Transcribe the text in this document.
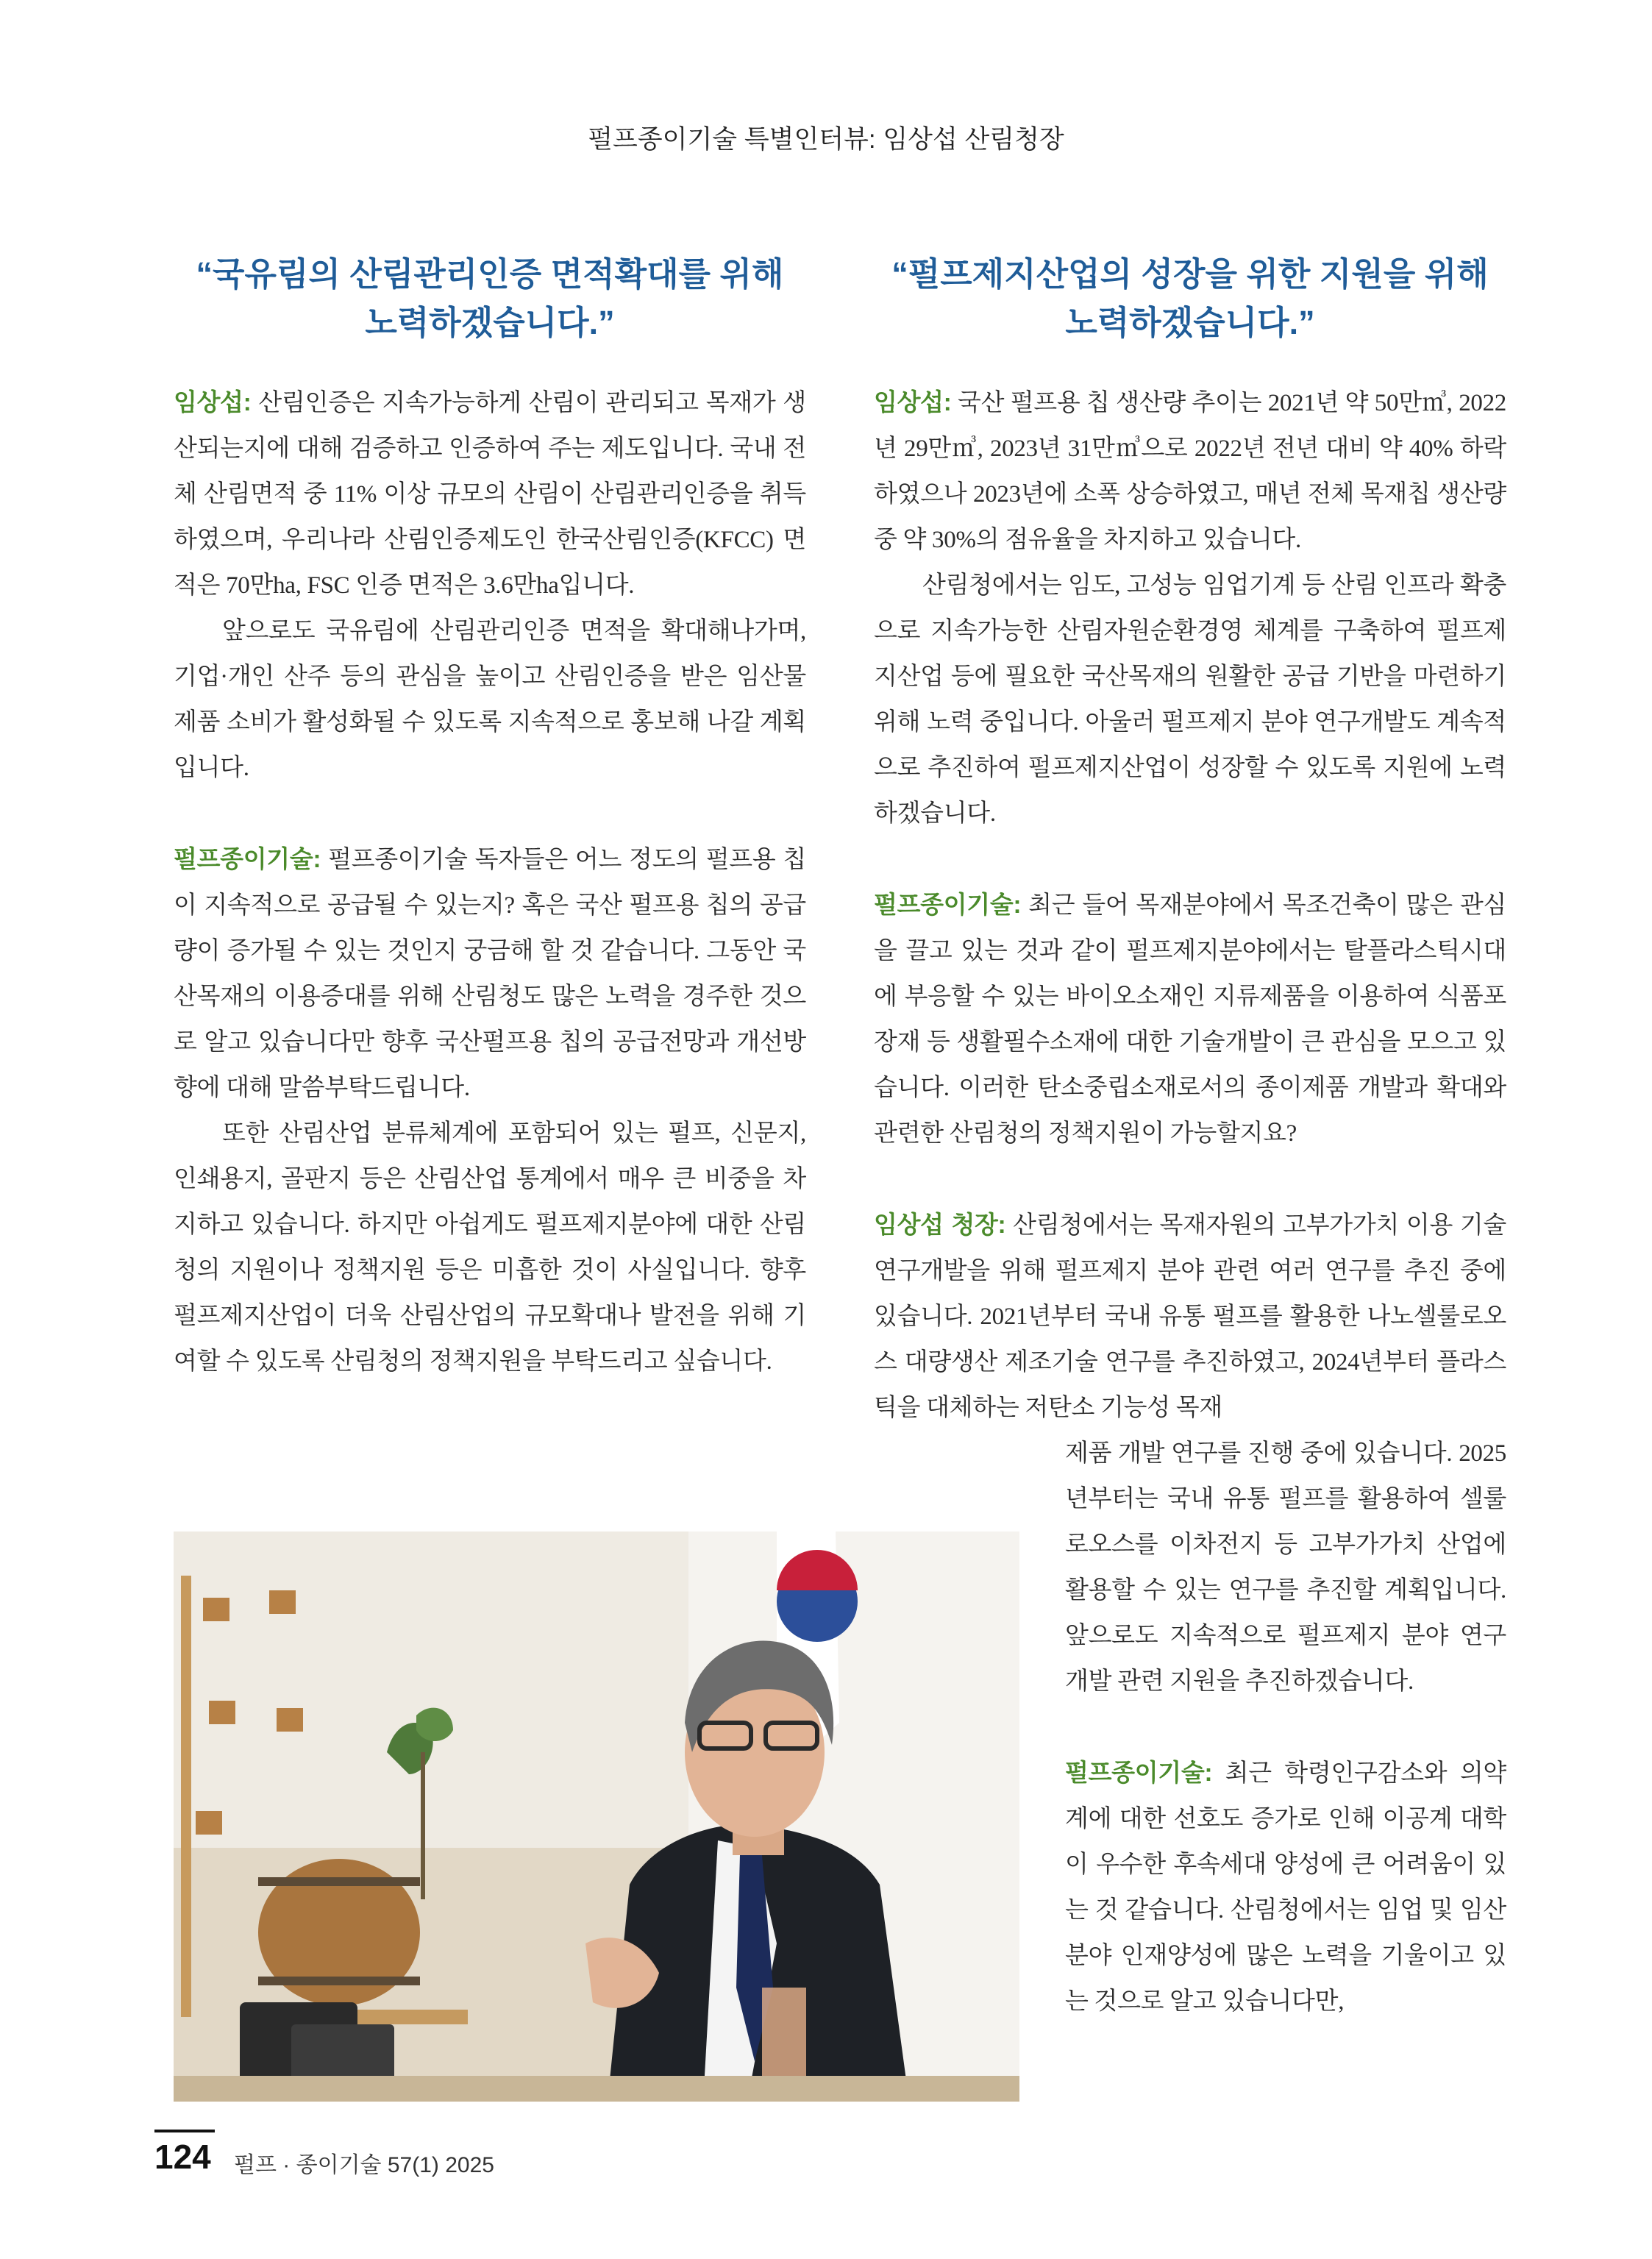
펄프종이기술 특별인터뷰: 임상섭 산림청장
“국유림의 산림관리인증 면적확대를 위해
노력하겠습니다.”

임상섭: 산림인증은 지속가능하게 산림이 관리되고 목재가 생산되는지에 대해 검증하고 인증하여 주는 제도입니다. 국내 전체 산림면적 중 11% 이상 규모의 산림이 산림관리인증을 취득하였으며, 우리나라 산림인증제도인 한국산림인증(KFCC) 면적은 70만ha, FSC 인증 면적은 3.6만ha입니다.

앞으로도 국유림에 산림관리인증 면적을 확대해나가며, 기업·개인 산주 등의 관심을 높이고 산림인증을 받은 임산물 제품 소비가 활성화될 수 있도록 지속적으로 홍보해 나갈 계획입니다.

펄프종이기술: 펄프종이기술 독자들은 어느 정도의 펄프용 칩이 지속적으로 공급될 수 있는지? 혹은 국산 펄프용 칩의 공급량이 증가될 수 있는 것인지 궁금해 할 것 같습니다. 그동안 국산목재의 이용증대를 위해 산림청도 많은 노력을 경주한 것으로 알고 있습니다만 향후 국산펄프용 칩의 공급전망과 개선방향에 대해 말씀부탁드립니다.

또한 산림산업 분류체계에 포함되어 있는 펄프, 신문지, 인쇄용지, 골판지 등은 산림산업 통계에서 매우 큰 비중을 차지하고 있습니다. 하지만 아쉽게도 펄프제지분야에 대한 산림청의 지원이나 정책지원 등은 미흡한 것이 사실입니다. 향후 펄프제지산업이 더욱 산림산업의 규모확대나 발전을 위해 기여할 수 있도록 산림청의 정책지원을 부탁드리고 싶습니다.

“펄프제지산업의 성장을 위한 지원을 위해
노력하겠습니다.”

임상섭: 국산 펄프용 칩 생산량 추이는 2021년 약 50만㎥, 2022년 29만㎥, 2023년 31만㎥으로 2022년 전년 대비 약 40% 하락하였으나 2023년에 소폭 상승하였고, 매년 전체 목재칩 생산량 중 약 30%의 점유율을 차지하고 있습니다.

산림청에서는 임도, 고성능 임업기계 등 산림 인프라 확충으로 지속가능한 산림자원순환경영 체계를 구축하여 펄프제지산업 등에 필요한 국산목재의 원활한 공급 기반을 마련하기 위해 노력 중입니다. 아울러 펄프제지 분야 연구개발도 계속적으로 추진하여 펄프제지산업이 성장할 수 있도록 지원에 노력하겠습니다.

펄프종이기술: 최근 들어 목재분야에서 목조건축이 많은 관심을 끌고 있는 것과 같이 펄프제지분야에서는 탈플라스틱시대에 부응할 수 있는 바이오소재인 지류제품을 이용하여 식품포장재 등 생활필수소재에 대한 기술개발이 큰 관심을 모으고 있습니다. 이러한 탄소중립소재로서의 종이제품 개발과 확대와 관련한 산림청의 정책지원이 가능할지요?

임상섭 청장: 산림청에서는 목재자원의 고부가가치 이용 기술 연구개발을 위해 펄프제지 분야 관련 여러 연구를 추진 중에 있습니다. 2021년부터 국내 유통 펄프를 활용한 나노셀룰로오스 대량생산 제조기술 연구를 추진하였고, 2024년부터 플라스틱을 대체하는 저탄소 기능성 목재

제품 개발 연구를 진행 중에 있습니다. 2025년부터는 국내 유통 펄프를 활용하여 셀룰로오스를 이차전지 등 고부가가치 산업에 활용할 수 있는 연구를 추진할 계획입니다. 앞으로도 지속적으로 펄프제지 분야 연구개발 관련 지원을 추진하겠습니다.

펄프종이기술: 최근 학령인구감소와 의약계에 대한 선호도 증가로 인해 이공계 대학이 우수한 후속세대 양성에 큰 어려움이 있는 것 같습니다. 산림청에서는 임업 및 임산분야 인재양성에 많은 노력을 기울이고 있는 것으로 알고 있습니다만,

124 펄프 · 종이기술 57(1) 2025
